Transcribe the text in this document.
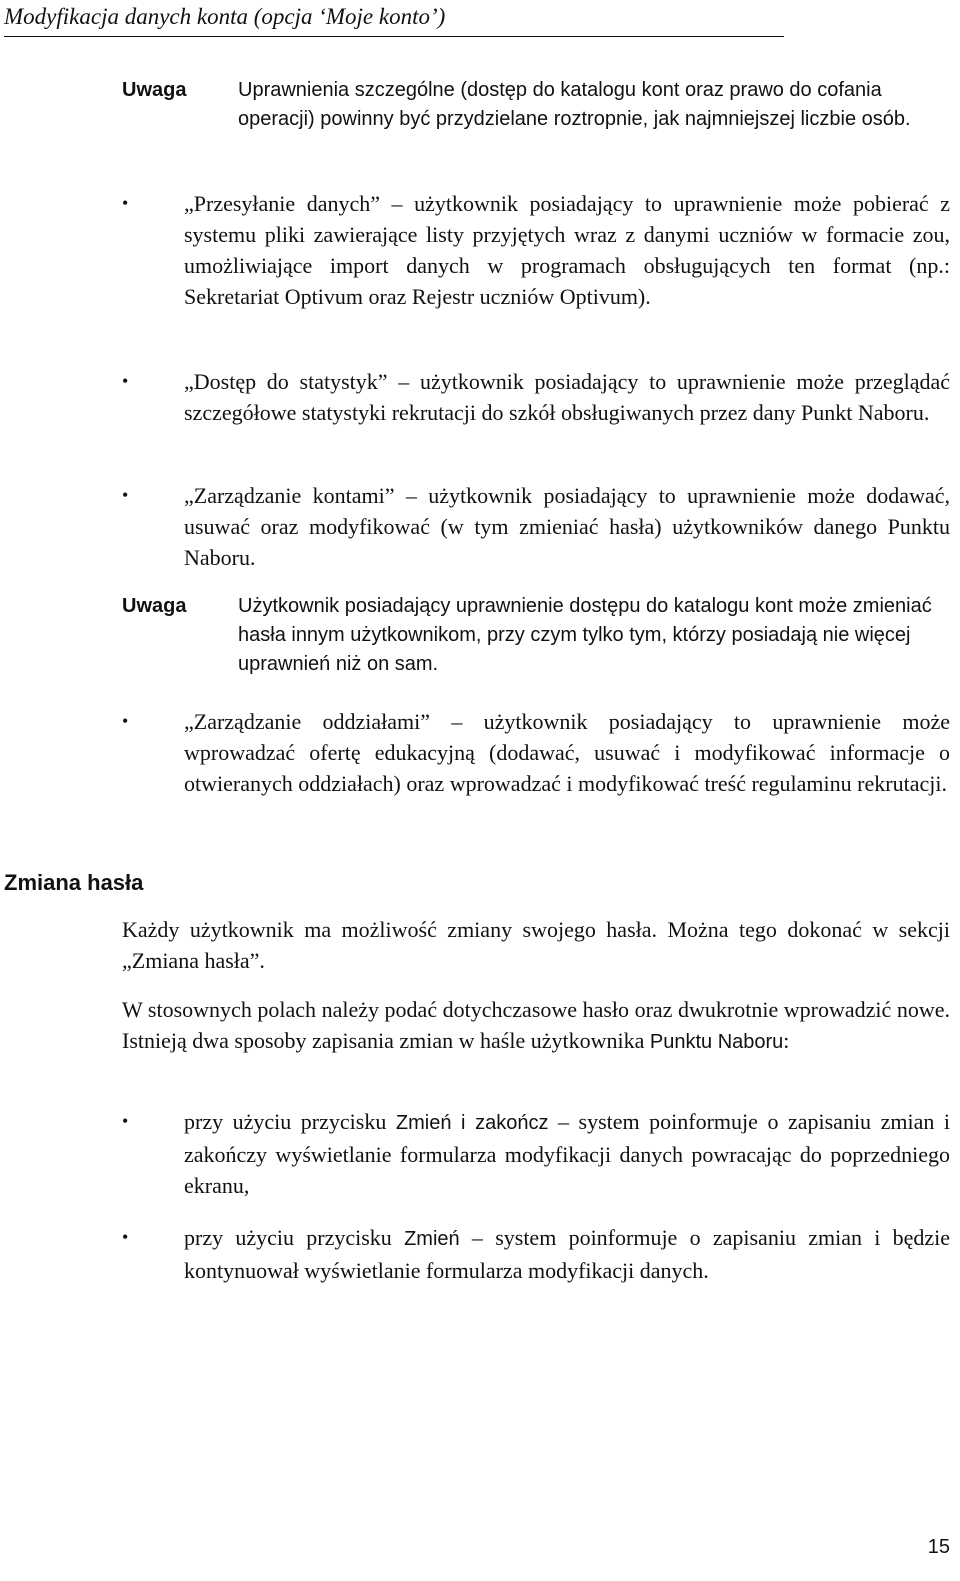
Modyfikacja danych konta (opcja ‘Moje konto’)
Uwaga	Uprawnienia szczególne (dostęp do katalogu kont oraz prawo do cofania operacji) powinny być przydzielane roztropnie, jak najmniejszej liczbie osób.
•	„Przesyłanie danych” – użytkownik posiadający to uprawnienie może pobierać z systemu pliki zawierające listy przyjętych wraz z danymi uczniów w formacie zou, umożliwiające import danych w programach obsługujących ten format (np.: Sekretariat Optivum oraz Rejestr uczniów Optivum).
•	„Dostęp do statystyk” – użytkownik posiadający to uprawnienie może przeglądać szczegółowe statystyki rekrutacji do szkół obsługiwanych przez dany Punkt Naboru.
•	„Zarządzanie kontami” – użytkownik posiadający to uprawnienie może dodawać, usuwać oraz modyfikować (w tym zmieniać hasła) użytkowników danego Punktu Naboru.
Uwaga	Użytkownik posiadający uprawnienie dostępu do katalogu kont może zmieniać hasła innym użytkownikom, przy czym tylko tym, którzy posiadają nie więcej uprawnień niż on sam.
•	„Zarządzanie oddziałami” – użytkownik posiadający to uprawnienie może wprowadzać ofertę edukacyjną (dodawać, usuwać i modyfikować informacje o otwieranych oddziałach) oraz wprowadzać i modyfikować treść regulaminu rekrutacji.
Zmiana hasła
Każdy użytkownik ma możliwość zmiany swojego hasła. Można tego dokonać w sekcji „Zmiana hasła”.
W stosownych polach należy podać dotychczasowe hasło oraz dwukrotnie wprowadzić nowe. Istnieją dwa sposoby zapisania zmian w haśle użytkownika Punktu Naboru:
•	przy użyciu przycisku Zmień i zakończ – system poinformuje o zapisaniu zmian i zakończy wyświetlanie formularza modyfikacji danych powracając do poprzedniego ekranu,
•	przy użyciu przycisku Zmień – system poinformuje o zapisaniu zmian i będzie kontynuował wyświetlanie formularza modyfikacji danych.
15
